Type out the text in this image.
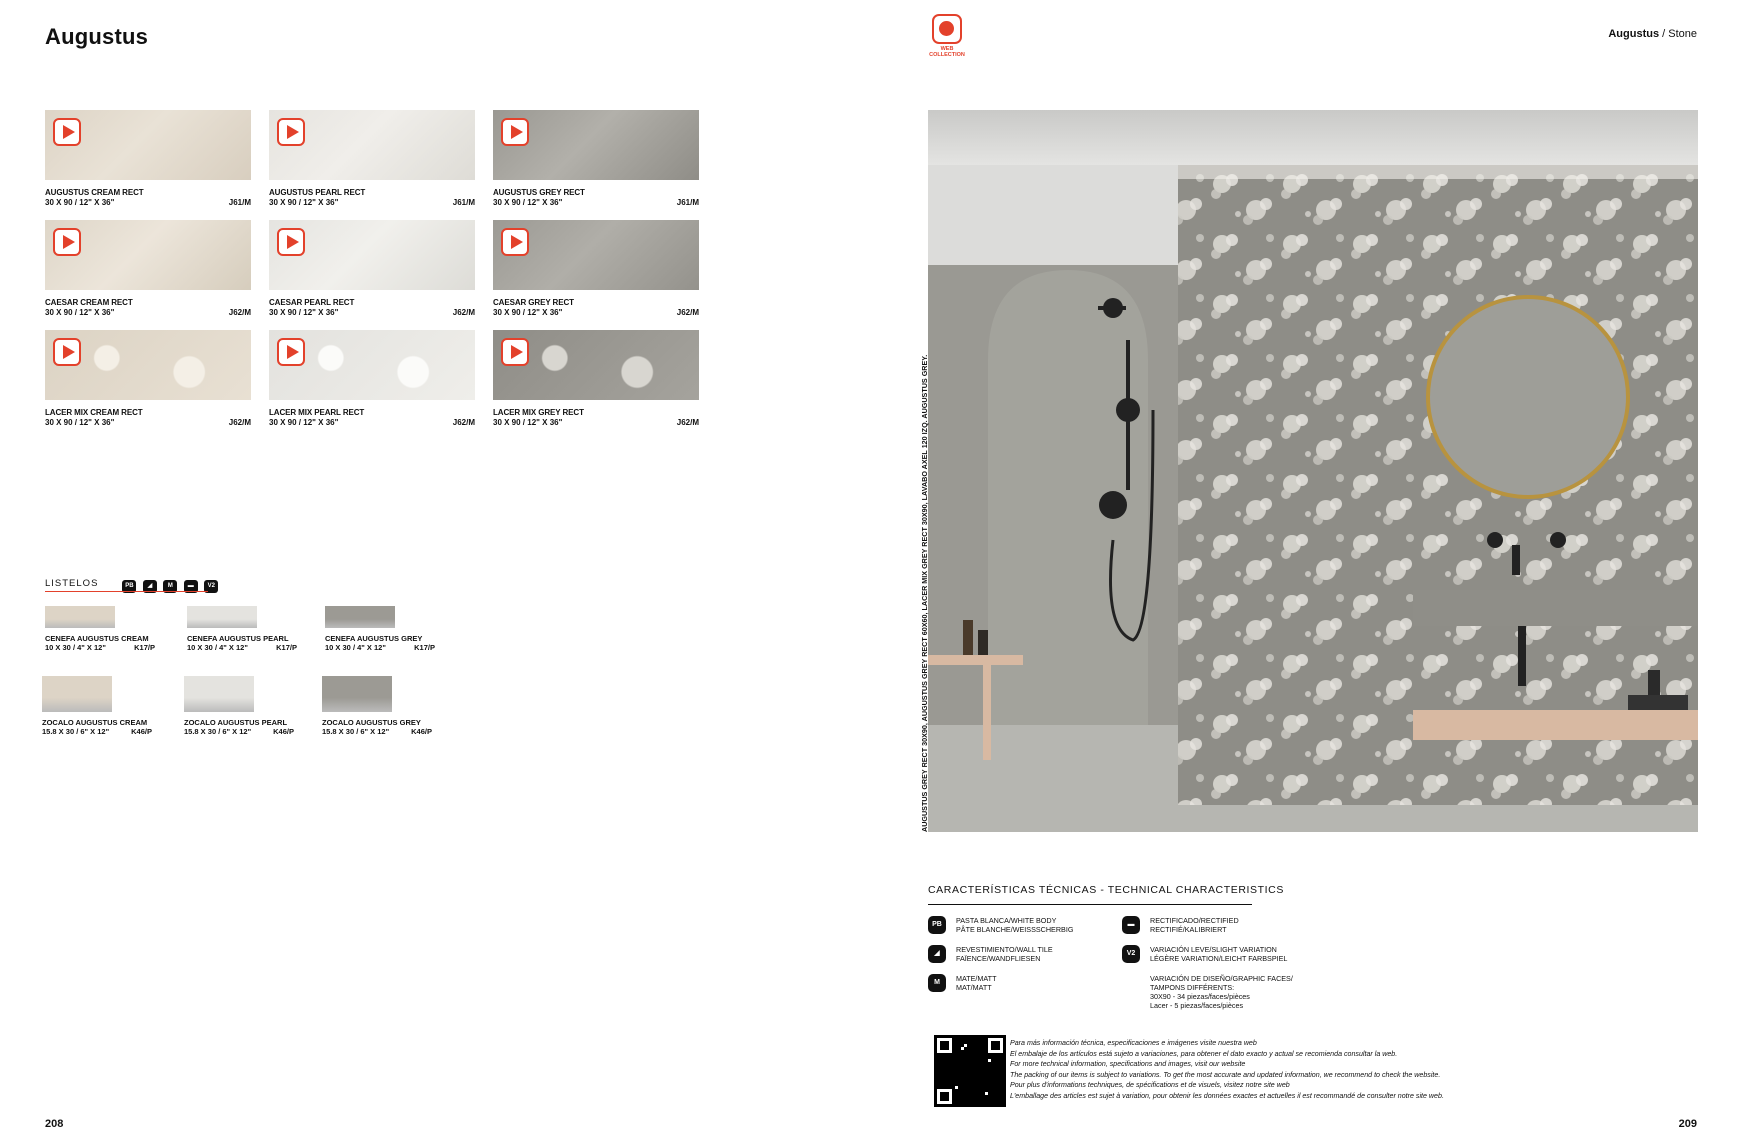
Augustus
AUGUSTUS CREAM RECT
30 X 90 / 12" X 36"	J61/M
AUGUSTUS PEARL RECT
30 X 90 / 12" X 36"	J61/M
AUGUSTUS GREY RECT
30 X 90 / 12" X 36"	J61/M
CAESAR CREAM RECT
30 X 90 / 12" X 36"	J62/M
CAESAR PEARL RECT
30 X 90 / 12" X 36"	J62/M
CAESAR GREY RECT
30 X 90 / 12" X 36"	J62/M
LACER MIX CREAM RECT
30 X 90 / 12" X 36"	J62/M
LACER MIX PEARL RECT
30 X 90 / 12" X 36"	J62/M
LACER MIX GREY RECT
30 X 90 / 12" X 36"	J62/M
LISTELOS	PB ◢	M ▬ V2
CENEFA AUGUSTUS CREAM
10 X 30 / 4" X 12"	K17/P
CENEFA AUGUSTUS PEARL
10 X 30 / 4" X 12"	K17/P
CENEFA AUGUSTUS GREY
10 X 30 / 4" X 12"	K17/P
ZOCALO AUGUSTUS CREAM
15.8 X 30 / 6" X 12"	K46/P
ZOCALO AUGUSTUS PEARL
15.8 X 30 / 6" X 12"	K46/P
ZOCALO AUGUSTUS GREY
15.8 X 30 / 6" X 12"	K46/P
208
WEB
COLLECTION
Augustus / Stone
AUGUSTUS GREY RECT 30X90, AUGUSTUS GREY RECT 60X60, LACER MIX GREY RECT 30X90, LAVABO AXEL 120 IZQ. AUGUSTUS GREY.
CARACTERÍSTICAS TÉCNICAS - TECHNICAL CHARACTERISTICS
PB	PASTA BLANCA/WHITE BODY
PÂTE BLANCHE/WEISSSCHERBIG
▬	RECTIFICADO/RECTIFIED
RECTIFIÉ/KALIBRIERT
◢	REVESTIMIENTO/WALL TILE
FAÏENCE/WANDFLIESEN
V2	VARIACIÓN LEVE/SLIGHT VARIATION
LÉGÈRE VARIATION/LEICHT FARBSPIEL
M	MATE/MATT
MAT/MATT
VARIACIÓN DE DISEÑO/GRAPHIC FACES/
TAMPONS DIFFÉRENTS:
30X90 - 34 piezas/faces/pièces
Lacer - 5 piezas/faces/pièces
Para más información técnica, especificaciones e imágenes visite nuestra web
El embalaje de los artículos está sujeto a variaciones, para obtener el dato exacto y actual se recomienda consultar la web.
For more technical information, specifications and images, visit our website
The packing of our items is subject to variations. To get the most accurate and updated information, we recommend to check the website.
Pour plus d'informations techniques, de spécifications et de visuels, visitez notre site web
L'emballage des articles est sujet à variation, pour obtenir les données exactes et actuelles il est recommandé de consulter notre site web.
209
